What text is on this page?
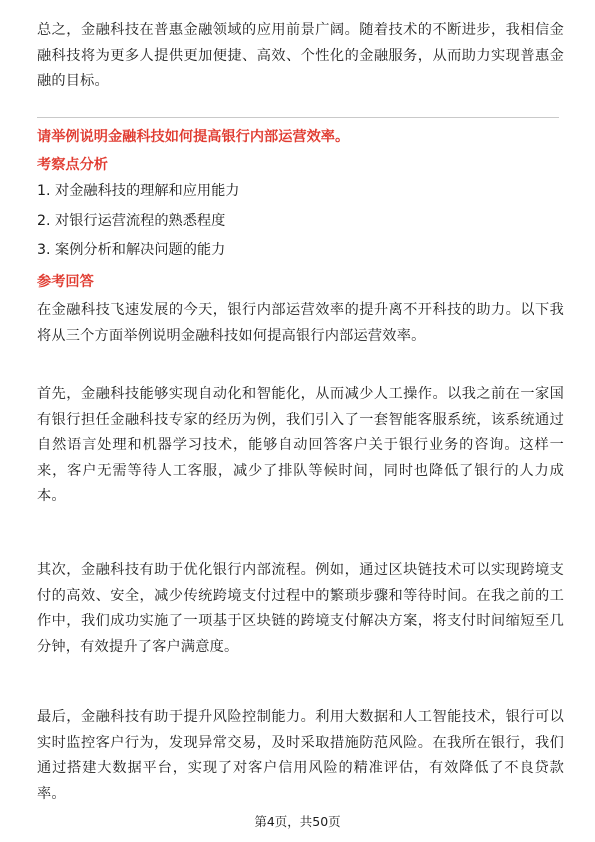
总之，金融科技在普惠金融领域的应用前景广阔。随着技术的不断进步，我相信金融科技将为更多人提供更加便捷、高效、个性化的金融服务，从而助力实现普惠金融的目标。

请举例说明金融科技如何提高银行内部运营效率。

考察点分析

1. 对金融科技的理解和应用能力

2. 对银行运营流程的熟悉程度

3. 案例分析和解决问题的能力

参考回答

在金融科技飞速发展的今天，银行内部运营效率的提升离不开科技的助力。以下我将从三个方面举例说明金融科技如何提高银行内部运营效率。

首先，金融科技能够实现自动化和智能化，从而减少人工操作。以我之前在一家国有银行担任金融科技专家的经历为例，我们引入了一套智能客服系统，该系统通过自然语言处理和机器学习技术，能够自动回答客户关于银行业务的咨询。这样一来，客户无需等待人工客服，减少了排队等候时间，同时也降低了银行的人力成本。

其次，金融科技有助于优化银行内部流程。例如，通过区块链技术可以实现跨境支付的高效、安全，减少传统跨境支付过程中的繁琐步骤和等待时间。在我之前的工作中，我们成功实施了一项基于区块链的跨境支付解决方案，将支付时间缩短至几分钟，有效提升了客户满意度。

最后，金融科技有助于提升风险控制能力。利用大数据和人工智能技术，银行可以实时监控客户行为，发现异常交易，及时采取措施防范风险。在我所在银行，我们通过搭建大数据平台，实现了对客户信用风险的精准评估，有效降低了不良贷款率。

第4页，共50页
